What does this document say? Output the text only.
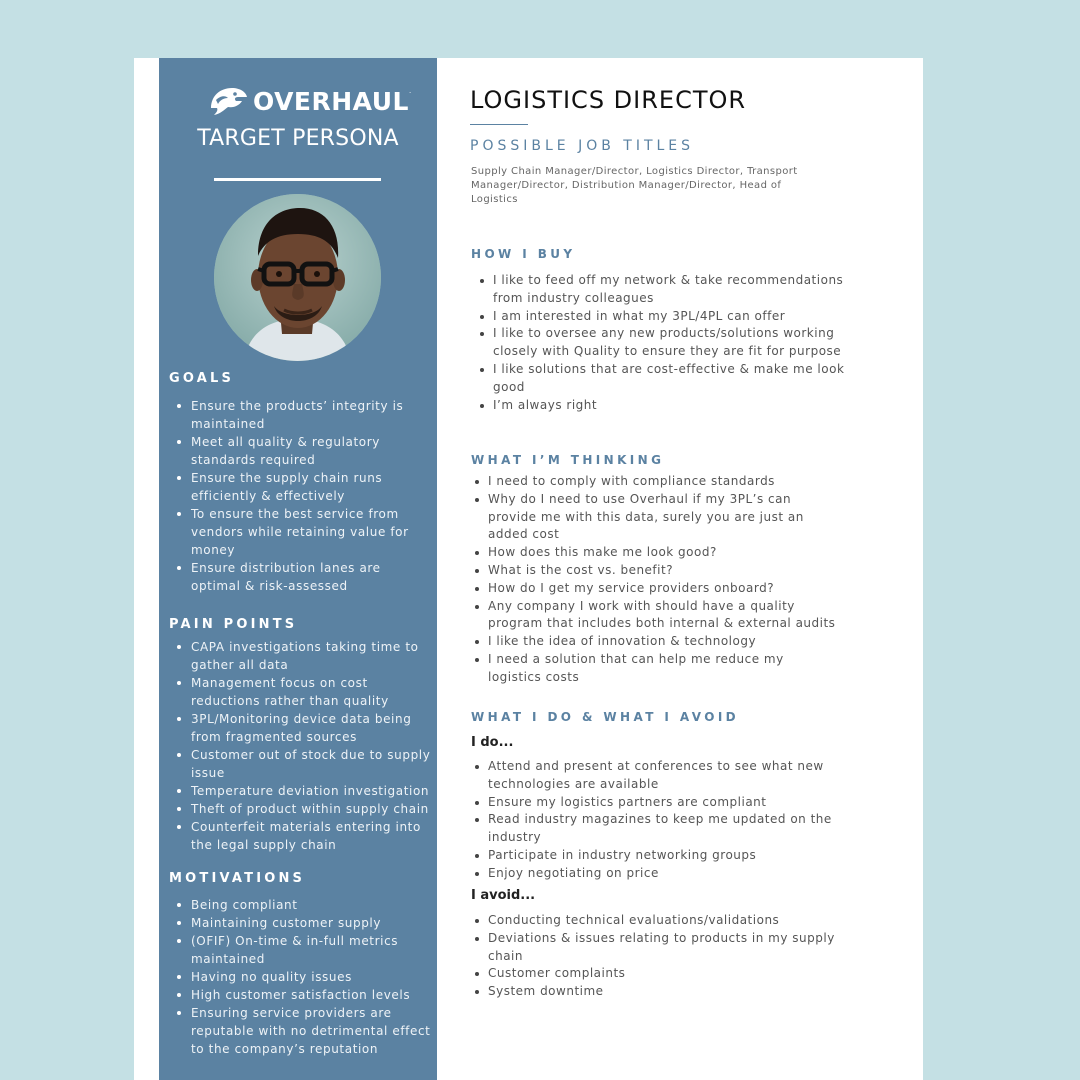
OVERHAUL.
TARGET PERSONA
GOALS
Ensure the products’ integrity is maintained
Meet all quality & regulatory standards required
Ensure the supply chain runs efficiently & effectively
To ensure the best service from vendors while retaining value for money
Ensure distribution lanes are optimal & risk-assessed
PAIN POINTS
CAPA investigations taking time to gather all data
Management focus on cost reductions rather than quality
3PL/Monitoring device data being from fragmented sources
Customer out of stock due to supply issue
Temperature deviation investigation
Theft of product within supply chain
Counterfeit materials entering into the legal supply chain
MOTIVATIONS
Being compliant
Maintaining customer supply
(OFIF) On-time & in-full metrics maintained
Having no quality issues
High customer satisfaction levels
Ensuring service providers are reputable with no detrimental effect to the company’s reputation
LOGISTICS DIRECTOR
POSSIBLE JOB TITLES
Supply Chain Manager/Director, Logistics Director, Transport Manager/Director, Distribution Manager/Director, Head of Logistics
HOW I BUY
I like to feed off my network & take recommendations from industry colleagues
I am interested in what my 3PL/4PL can offer
I like to oversee any new products/solutions working closely with Quality to ensure they are fit for purpose
I like solutions that are cost-effective & make me look good
I’m always right
WHAT I’M THINKING
I need to comply with compliance standards
Why do I need to use Overhaul if my 3PL’s can provide me with this data, surely you are just an added cost
How does this make me look good?
What is the cost vs. benefit?
How do I get my service providers onboard?
Any company I work with should have a quality program that includes both internal & external audits
I like the idea of innovation & technology
I need a solution that can help me reduce my logistics costs
WHAT I DO & WHAT I AVOID
I do...
Attend and present at conferences to see what new technologies are available
Ensure my logistics partners are compliant
Read industry magazines to keep me updated on the industry
Participate in industry networking groups
Enjoy negotiating on price
I avoid...
Conducting technical evaluations/validations
Deviations & issues relating to products in my supply chain
Customer complaints
System downtime
